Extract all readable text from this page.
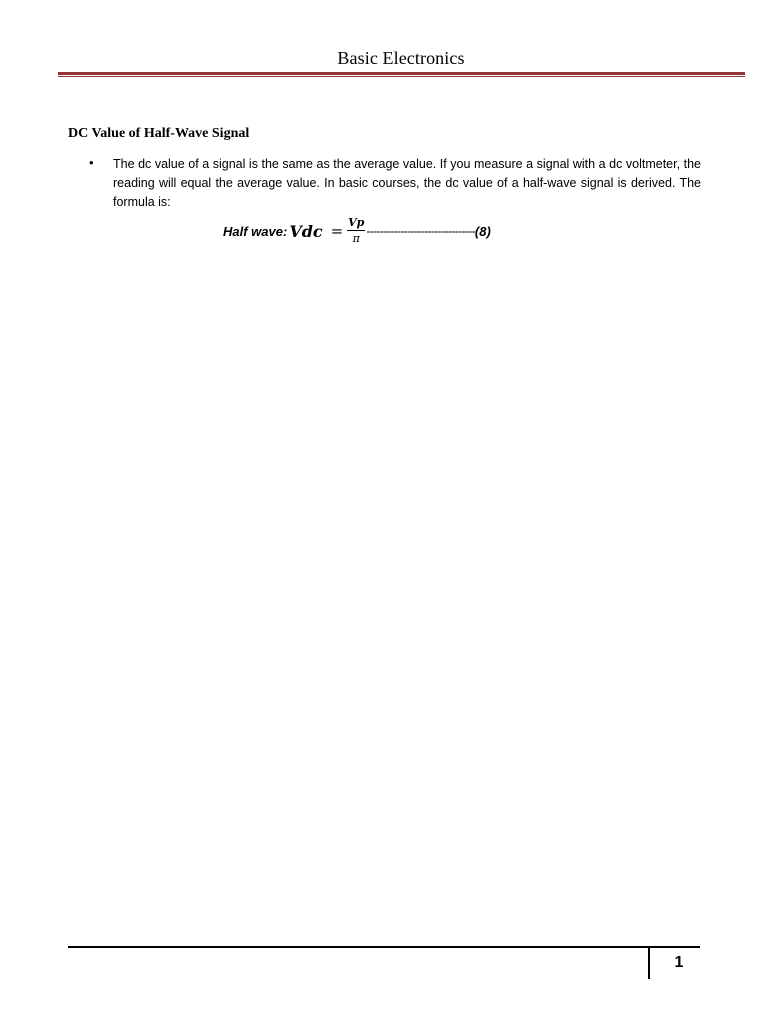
Basic Electronics
DC Value of Half-Wave Signal
• The dc value of a signal is the same as the average value. If you measure a signal with a dc voltmeter, the reading will equal the average value. In basic courses, the dc value of a half-wave signal is derived. The formula is:
Half wave: Vdc = $\frac{Vp}{\pi}$ -------------------------------- (8)
1
